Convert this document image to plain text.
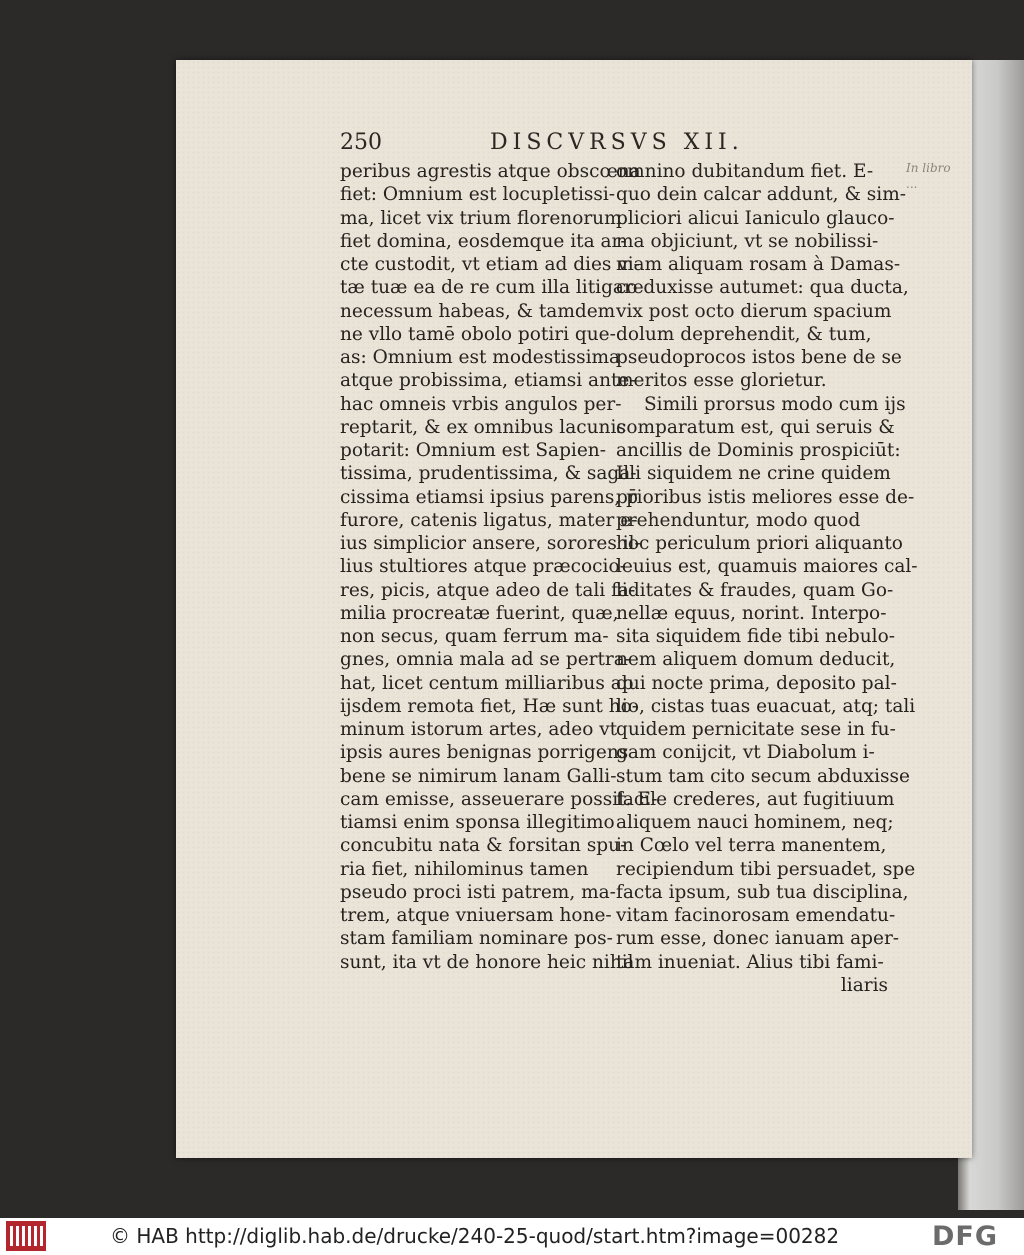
250	DISCVRSVS XII.
peribus agrestis atque obscœna
fiet: Omnium est locupletissi-
ma, licet vix trium florenorum
fiet domina, eosdemque ita ar-
cte custodit, vt etiam ad dies vi-
tæ tuæ ea de re cum illa litigare
necessum habeas, & tamdem
ne vllo tamē obolo potiri que-
as: Omnium est modestissima
atque probissima, etiamsi ante-
hac omneis vrbis angulos per-
reptarit, & ex omnibus lacunis
potarit: Omnium est Sapien-
tissima, prudentissima, & saga-
cissima etiamsi ipsius parens, p̄
furore, catenis ligatus, mater e-
ius simplicior ansere, sorores il-
lius stultiores atque præcocio-
res, picis, atque adeo de tali fa-
milia procreatæ fuerint, quæ,
non secus, quam ferrum ma-
gnes, omnia mala ad se pertra-
hat, licet centum milliaribus ab
ijsdem remota fiet, Hæ sunt ho-
minum istorum artes, adeo vt
ipsis aures benignas porrigens
bene se nimirum lanam Galli-
cam emisse, asseuerare possit. E-
tiamsi enim sponsa illegitimo
concubitu nata & forsitan spu-
ria fiet, nihilominus tamen
pseudo proci isti patrem, ma-
trem, atque vniuersam hone-
stam familiam nominare pos-
sunt, ita vt de honore heic nihil
omnino dubitandum fiet. E-
quo dein calcar addunt, & sim-
pliciori alicui Ianiculo glauco-
ma objiciunt, vt se nobilissi-
mam aliquam rosam à Damas-
co duxisse autumet: qua ducta,
vix post octo dierum spacium
dolum deprehendit, & tum,
pseudoprocos istos bene de se
meritos esse glorietur.
Simili prorsus modo cum ijs
comparatum est, qui seruis &
ancillis de Dominis prospiciūt:
Illi siquidem ne crine quidem
prioribus istis meliores esse de-
prehenduntur, modo quod
hoc periculum priori aliquanto
leuius est, quamuis maiores cal-
liditates & fraudes, quam Go-
nellæ equus, norint. Interpo-
sita siquidem fide tibi nebulo-
nem aliquem domum deducit,
qui nocte prima, deposito pal-
lio, cistas tuas euacuat, atq; tali
quidem pernicitate sese in fu-
gam conijcit, vt Diabolum i-
stum tam cito secum abduxisse
facile crederes, aut fugitiuum
aliquem nauci hominem, neq;
in Cœlo vel terra manentem,
recipiendum tibi persuadet, spe
facta ipsum, sub tua disciplina,
vitam facinorosam emendatu-
rum esse, donec ianuam aper-
tam inueniat. Alius tibi fami-
liaris
In libro ...
© HAB http://diglib.hab.de/drucke/240-25-quod/start.htm?image=00282	DFG
